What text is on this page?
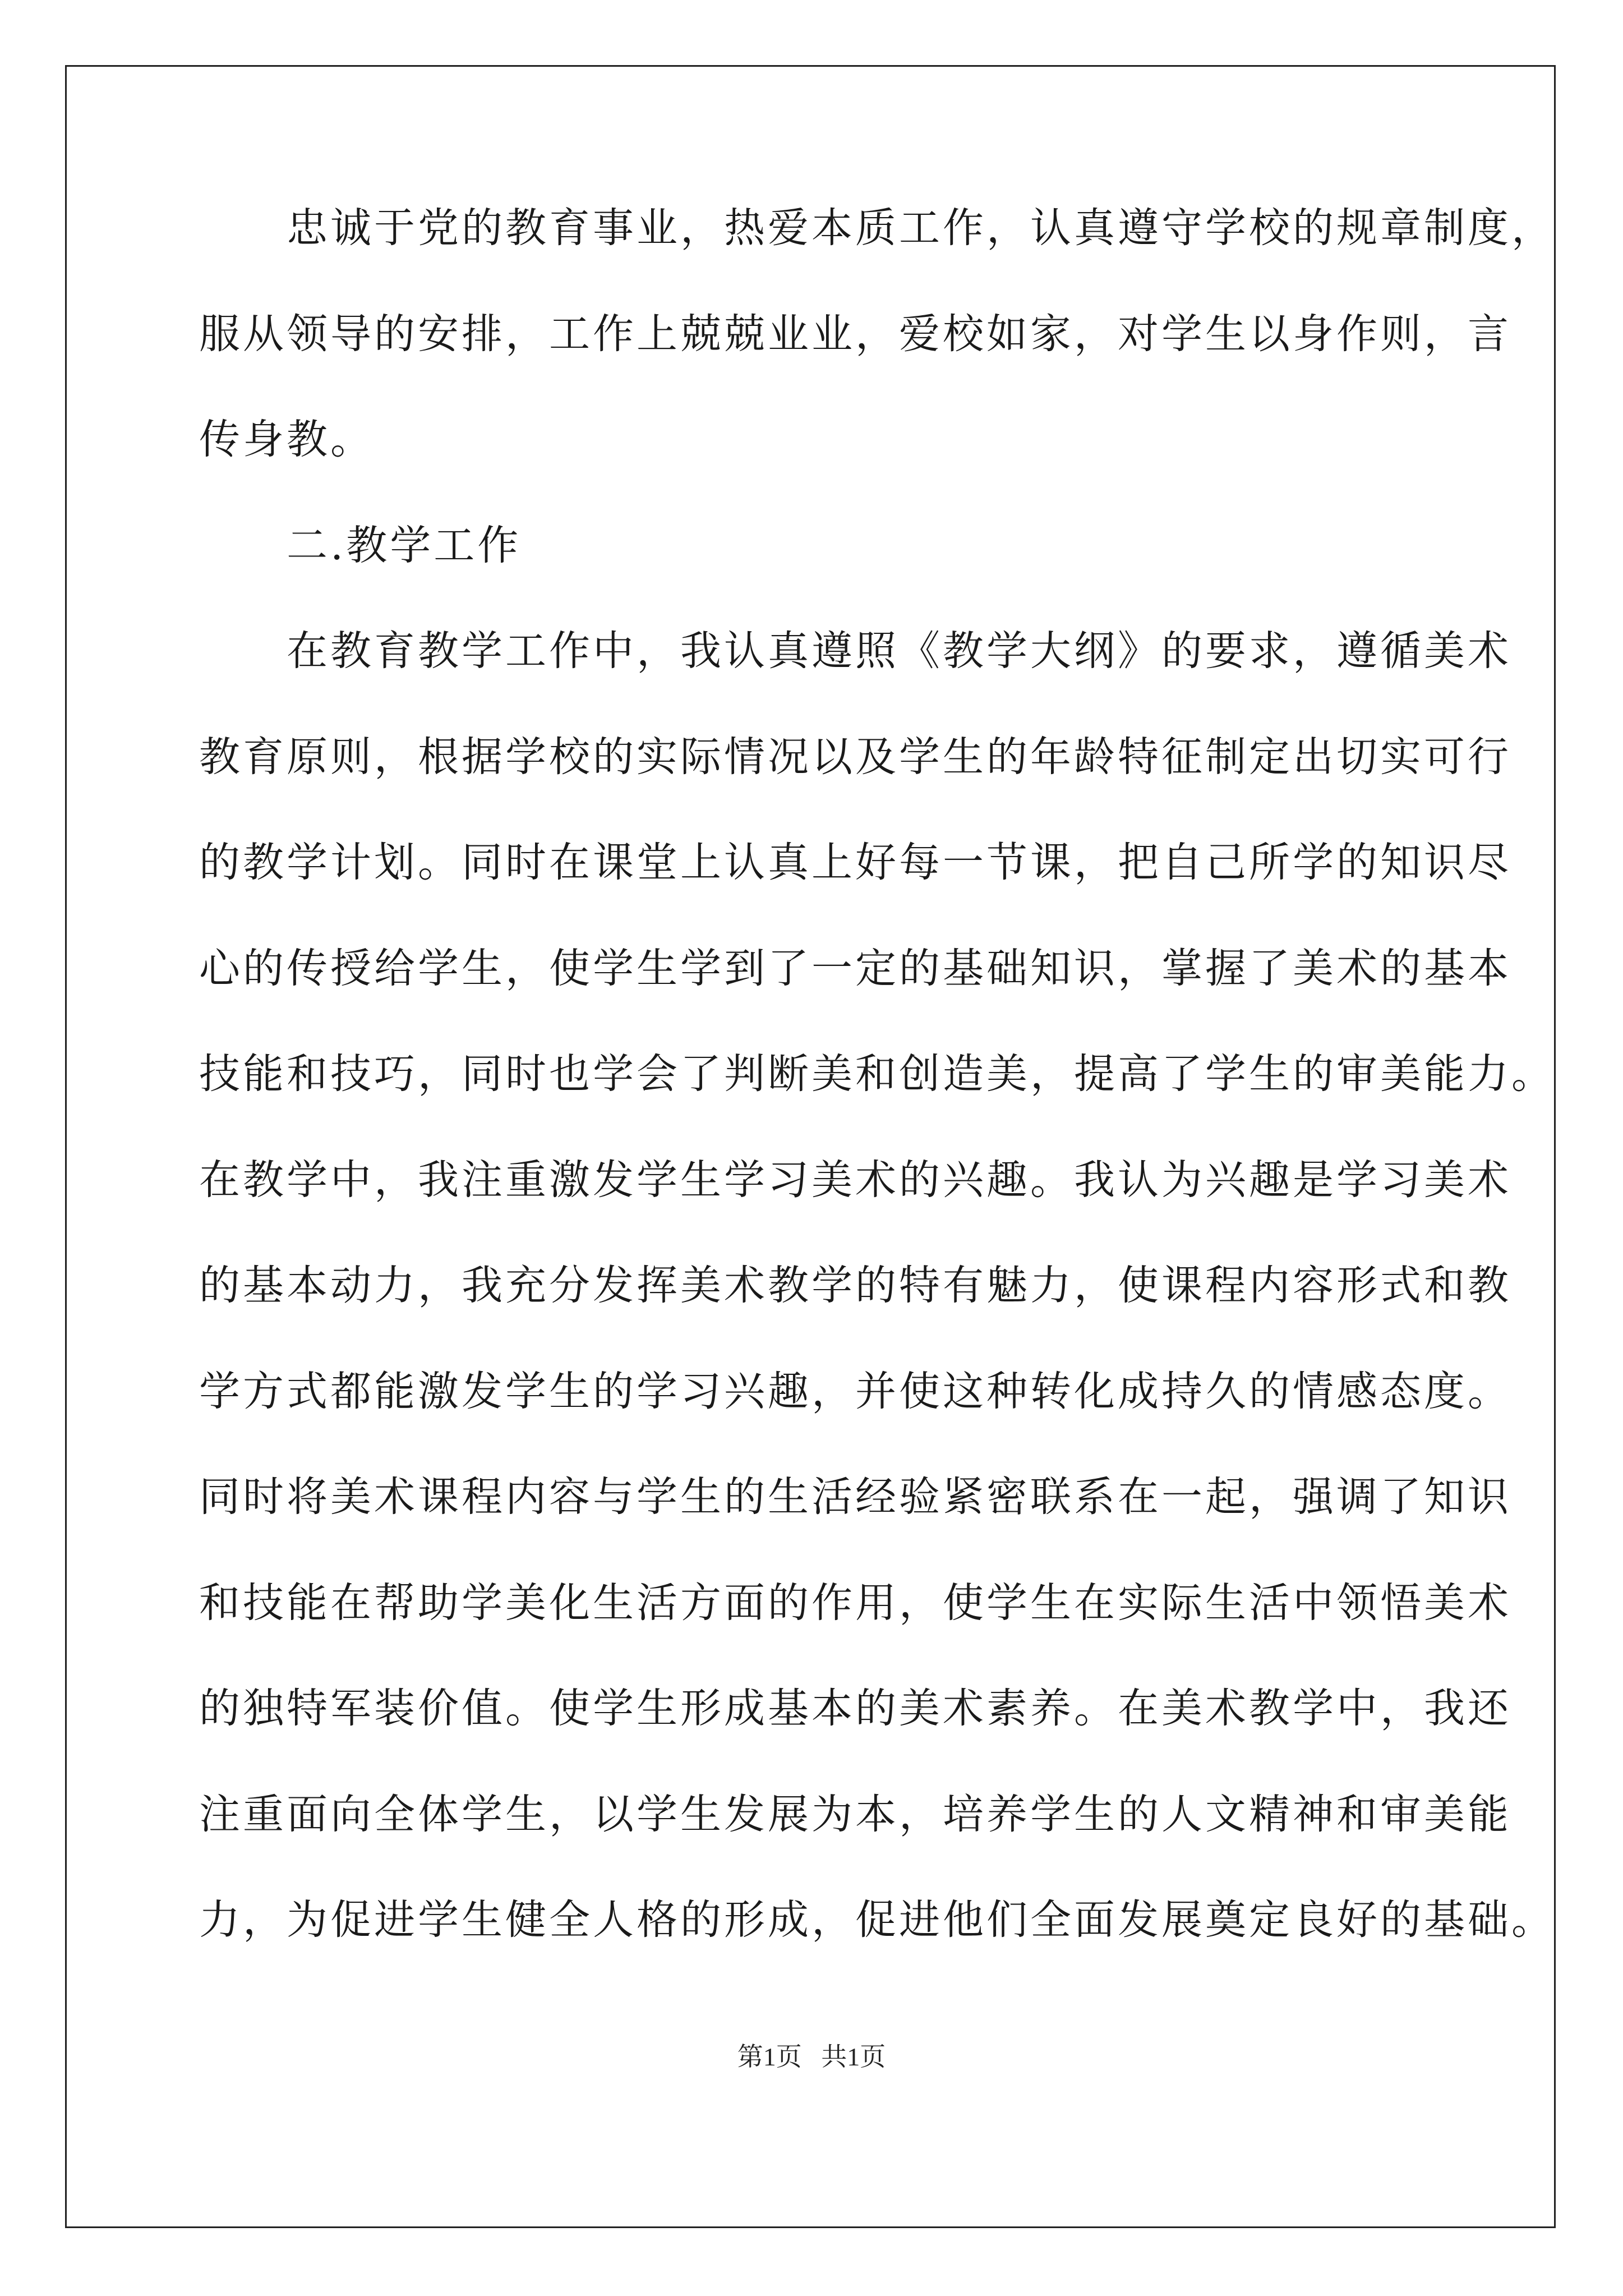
　　忠诚于党的教育事业，热爱本质工作，认真遵守学校的规章制度，
服从领导的安排，工作上兢兢业业，爱校如家，对学生以身作则，言
传身教。
　　二.教学工作
　　在教育教学工作中，我认真遵照《教学大纲》的要求，遵循美术
教育原则，根据学校的实际情况以及学生的年龄特征制定出切实可行
的教学计划。同时在课堂上认真上好每一节课，把自己所学的知识尽
心的传授给学生，使学生学到了一定的基础知识，掌握了美术的基本
技能和技巧，同时也学会了判断美和创造美，提高了学生的审美能力。
在教学中，我注重激发学生学习美术的兴趣。我认为兴趣是学习美术
的基本动力，我充分发挥美术教学的特有魅力，使课程内容形式和教
学方式都能激发学生的学习兴趣，并使这种转化成持久的情感态度。
同时将美术课程内容与学生的生活经验紧密联系在一起，强调了知识
和技能在帮助学美化生活方面的作用，使学生在实际生活中领悟美术
的独特军装价值。使学生形成基本的美术素养。在美术教学中，我还
注重面向全体学生，以学生发展为本，培养学生的人文精神和审美能
力，为促进学生健全人格的形成，促进他们全面发展奠定良好的基础。
第1页   共1页
